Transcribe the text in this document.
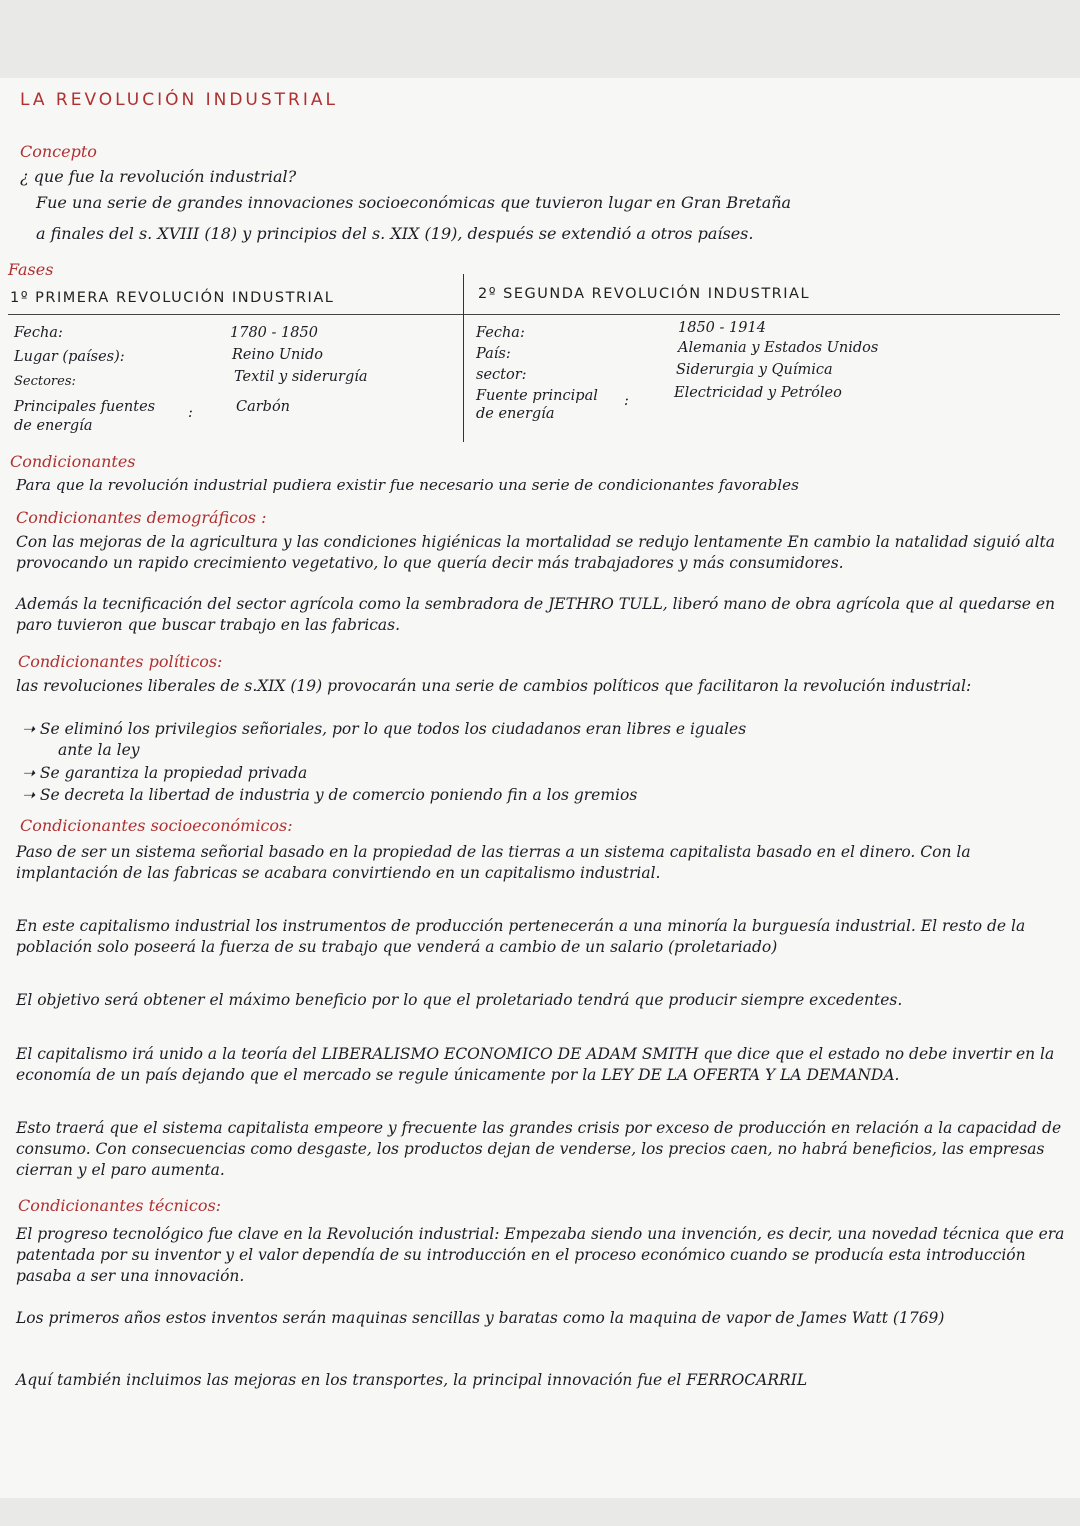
LA REVOLUCIÓN INDUSTRIAL
Concepto
¿ que fue la revolución industrial?
Fue una serie de grandes innovaciones socioeconómicas que tuvieron lugar en Gran Bretaña
a finales del s. XVIII (18) y principios del s. XIX (19), después se extendió a otros países.
Fases
1º PRIMERA REVOLUCIÓN INDUSTRIAL	2º SEGUNDA REVOLUCIÓN INDUSTRIAL
Fecha:
Lugar (países):
Sectores:
Principales fuentes
de energía
:
1780 - 1850
Reino Unido
Textil y siderurgía
Carbón
Fecha:
País:
sector:
Fuente principal
de energía
:
1850 - 1914
Alemania y Estados Unidos
Siderurgia y Química
Electricidad y Petróleo
Condicionantes
Para que la revolución industrial pudiera existir fue necesario una serie de condicionantes favorables
Condicionantes demográficos :
Con las mejoras de la agricultura y las condiciones higiénicas la mortalidad se redujo lentamente En cambio la natalidad siguió alta provocando un rapido crecimiento vegetativo, lo que quería decir más trabajadores y más consumidores.
Además la tecnificación del sector agrícola como la sembradora de JETHRO TULL, liberó mano de obra agrícola que al quedarse en paro tuvieron que buscar trabajo en las fabricas.
Condicionantes políticos:
las revoluciones liberales de s.XIX (19) provocarán una serie de cambios políticos que facilitaron la revolución industrial:
➝ Se eliminó los privilegios señoriales, por lo que todos los ciudadanos eran libres e iguales
ante la ley
➝ Se garantiza la propiedad privada
➝ Se decreta la libertad de industria y de comercio poniendo fin a los gremios
Condicionantes socioeconómicos:
Paso de ser un sistema señorial basado en la propiedad de las tierras a un sistema capitalista basado en el dinero. Con la implantación de las fabricas se acabara convirtiendo en un capitalismo industrial.
En este capitalismo industrial los instrumentos de producción pertenecerán a una minoría la burguesía industrial. El resto de la población solo poseerá la fuerza de su trabajo que venderá a cambio de un salario (proletariado)
El objetivo será obtener el máximo beneficio por lo que el proletariado tendrá que producir siempre excedentes.
El capitalismo irá unido a la teoría del LIBERALISMO ECONOMICO DE ADAM SMITH que dice que el estado no debe invertir en la economía de un país dejando que el mercado se regule únicamente por la LEY DE LA OFERTA Y LA DEMANDA.
Esto traerá que el sistema capitalista empeore y frecuente las grandes crisis por exceso de producción en relación a la capacidad de consumo. Con consecuencias como desgaste, los productos dejan de venderse, los precios caen, no habrá beneficios, las empresas cierran y el paro aumenta.
Condicionantes técnicos:
El progreso tecnológico fue clave en la Revolución industrial: Empezaba siendo una invención, es decir, una novedad técnica que era patentada por su inventor y el valor dependía de su introducción en el proceso económico cuando se producía esta introducción pasaba a ser una innovación.
Los primeros años estos inventos serán maquinas sencillas y baratas como la maquina de vapor de James Watt (1769)
Aquí también incluimos las mejoras en los transportes, la principal innovación fue el FERROCARRIL
